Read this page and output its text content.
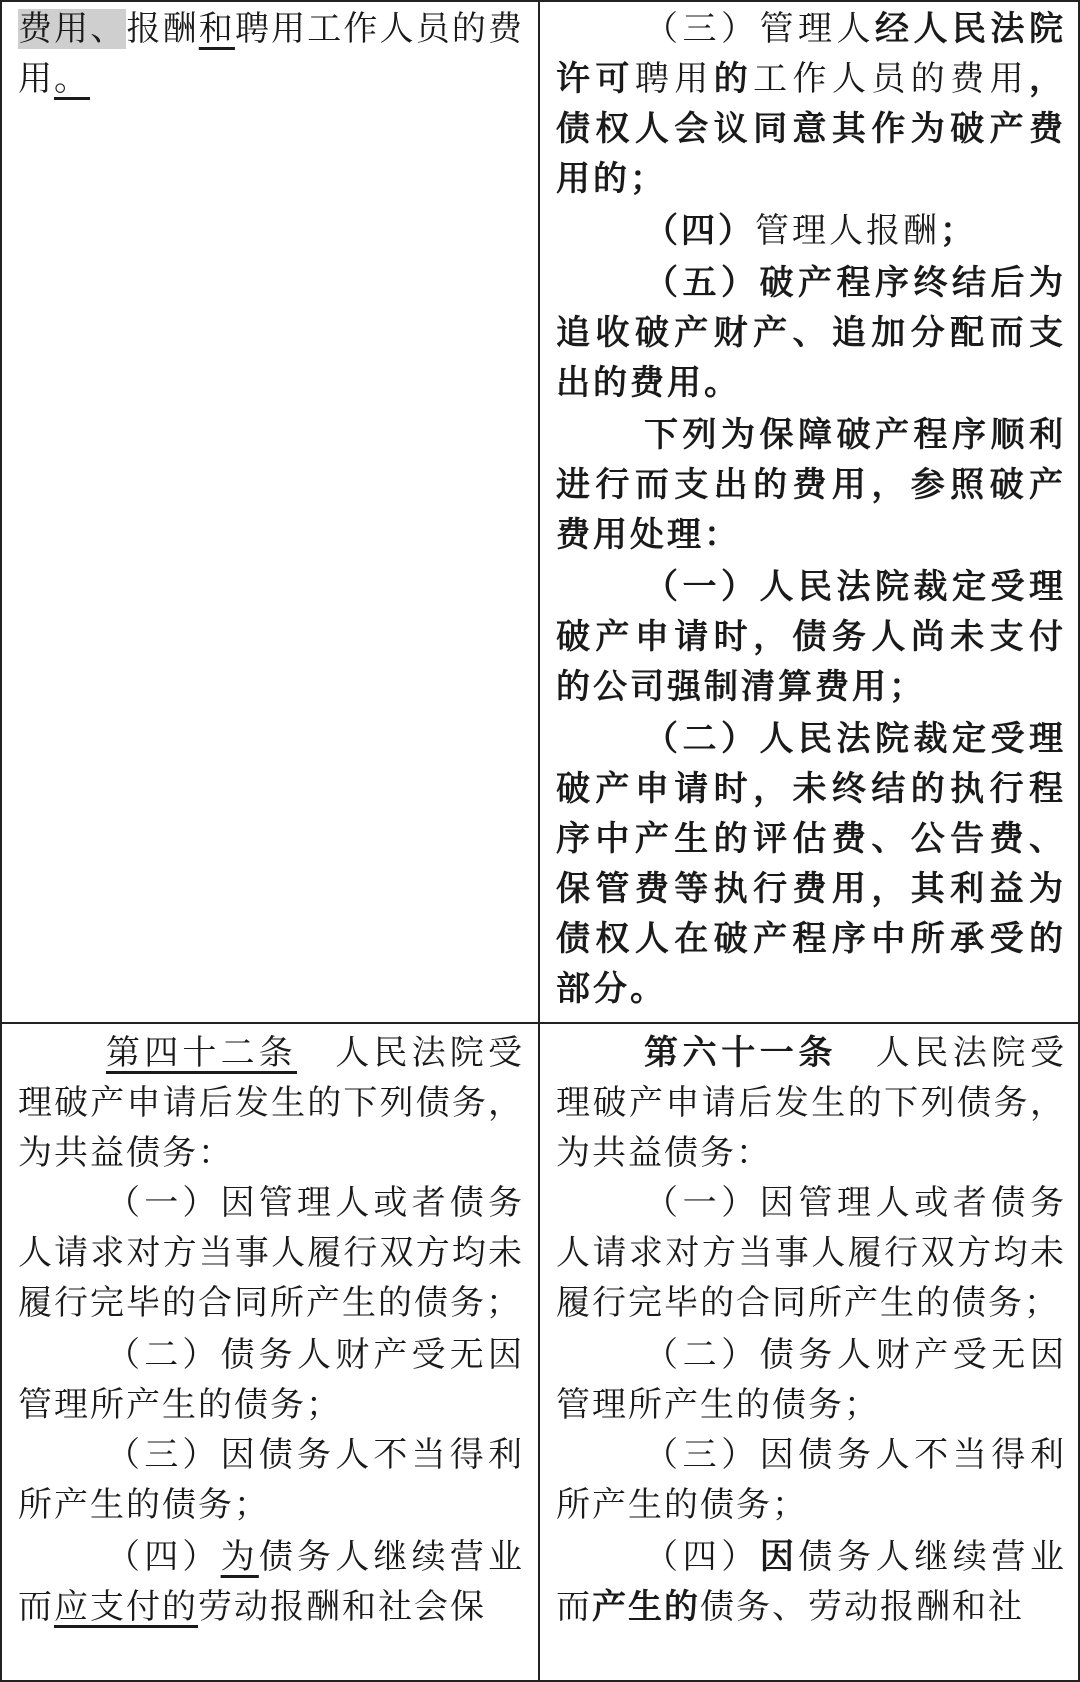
费用、报酬和聘用工作人员的费用。

（三）管理人经人民法院许可聘用的工作人员的费用，债权人会议同意其作为破产费用的；

（四）管理人报酬；

（五）破产程序终结后为追收破产财产、追加分配而支出的费用。

下列为保障破产程序顺利进行而支出的费用，参照破产费用处理：

（一）人民法院裁定受理破产申请时，债务人尚未支付的公司强制清算费用；

（二）人民法院裁定受理破产申请时，未终结的执行程序中产生的评估费、公告费、保管费等执行费用，其利益为债权人在破产程序中所承受的部分。

第四十二条　 人民法院受理破产申请后发生的下列债务，为共益债务：

（一）因管理人或者债务人请求对方当事人履行双方均未履行完毕的合同所产生的债务；

（二）债务人财产受无因管理所产生的债务；

（三）因债务人不当得利所产生的债务；

（四）为债务人继续营业而应支付的劳动报酬和社会保

第六十一条　 人民法院受理破产申请后发生的下列债务，为共益债务：

（一）因管理人或者债务人请求对方当事人履行双方均未履行完毕的合同所产生的债务；

（二）债务人财产受无因管理所产生的债务；

（三）因债务人不当得利所产生的债务；

（四）因债务人继续营业而产生的债务、劳动报酬和社
